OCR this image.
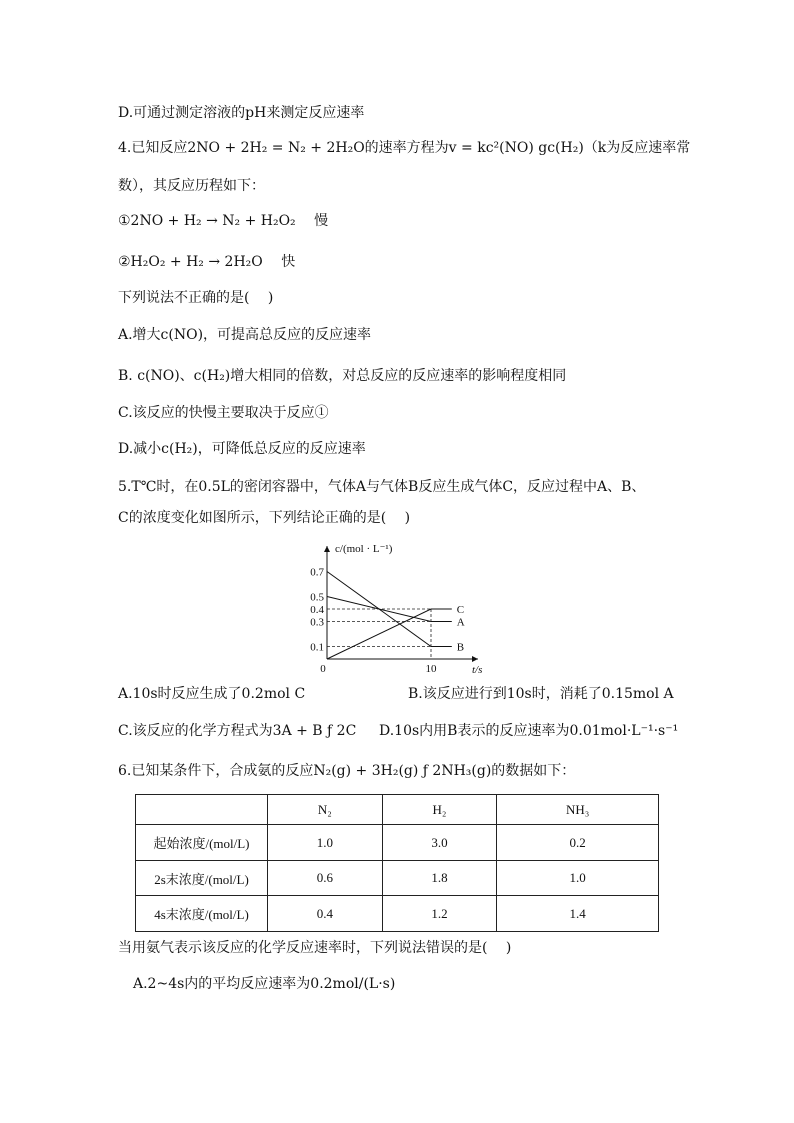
D.可通过测定溶液的pH来测定反应速率
4.已知反应2NO + 2H₂ = N₂ + 2H₂O的速率方程为v = kc²(NO) gc(H₂)（k为反应速率常
数），其反应历程如下：
①2NO + H₂ → N₂ + H₂O₂ 　慢
②H₂O₂ + H₂ → 2H₂O 　快
下列说法不正确的是(　 )
A.增大c(NO)，可提高总反应的反应速率
B. c(NO)、c(H₂)增大相同的倍数，对总反应的反应速率的影响程度相同
C.该反应的快慢主要取决于反应①
D.减小c(H₂)，可降低总反应的反应速率
5.T℃时，在0.5L的密闭容器中，气体A与气体B反应生成气体C，反应过程中A、B、
C的浓度变化如图所示，下列结论正确的是(　 )
0.1
0.3
0.4
0.5
0.7
0	10
c/(mol · L⁻¹)
t/s
A
B
C
A.10s时反应生成了0.2mol C	B.该反应进行到10s时，消耗了0.15mol A
C.该反应的化学方程式为3A + B ƒ 2C D.10s内用B表示的反应速率为0.01mol·L⁻¹·s⁻¹
6.已知某条件下，合成氨的反应N₂(g) + 3H₂(g) ƒ 2NH₃(g)的数据如下：
	N₂	H₂	NH₃
起始浓度/(mol/L)	1.0	3.0	0.2
2s末浓度/(mol/L)	0.6	1.8	1.0
4s末浓度/(mol/L)	0.4	1.2	1.4
当用氨气表示该反应的化学反应速率时，下列说法错误的是(　 )
A.2~4s内的平均反应速率为0.2mol/(L·s)
